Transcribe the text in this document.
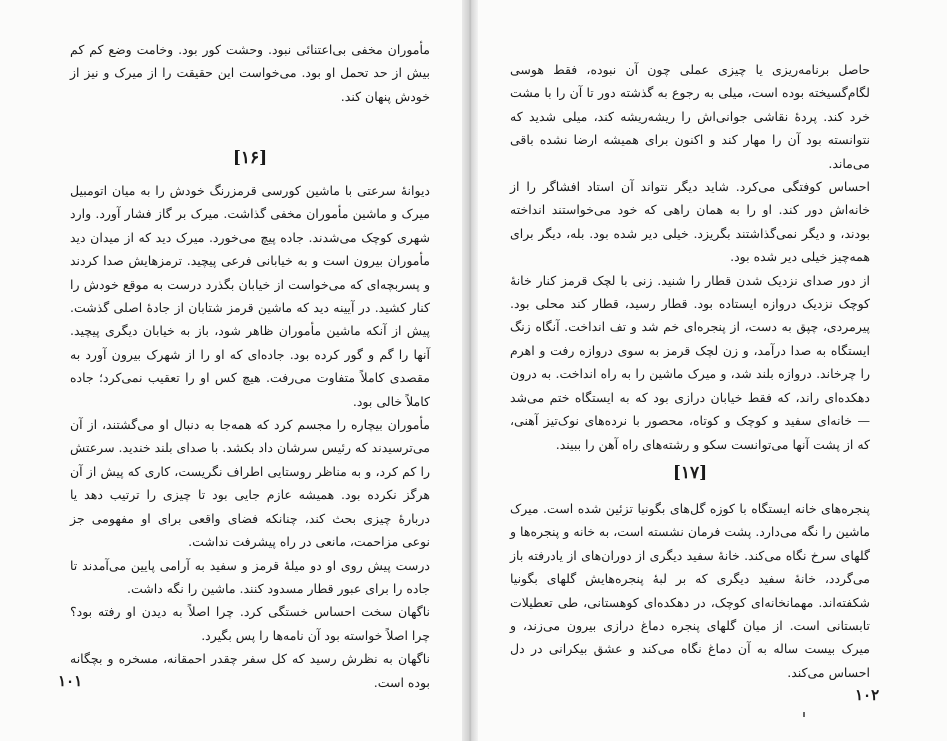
مأموران مخفی بی‌اعتنائی نبود. وحشت کور بود. وخامت وضع کم کم بیش از حد تحمل او بود. می‌خواست این حقیقت را از میرک و نیز از خودش پنهان کند.

[۱۶]

دیوانهٔ سرعتی با ماشین کورسی قرمزرنگ خودش را به میان اتومبیل میرک و ماشین مأموران مخفی گذاشت. میرک بر گاز فشار آورد. وارد شهری کوچک می‌شدند. جاده پیچ می‌خورد. میرک دید که از میدان دید مأموران بیرون است و به خیابانی فرعی پیچید. ترمزهایش صدا کردند و پسربچه‌ای که می‌خواست از خیابان بگذرد درست به موقع خودش را کنار کشید. در آیینه دید که ماشین قرمز شتابان از جادهٔ اصلی گذشت. پیش از آنکه ماشین مأموران ظاهر شود، باز به خیابان دیگری پیچید. آنها را گم و گور کرده بود. جاده‌ای که او را از شهرک بیرون آورد به مقصدی کاملاً متفاوت می‌رفت. هیچ کس او را تعقیب نمی‌کرد؛ جاده کاملاً خالی بود.

مأموران بیچاره را مجسم کرد که همه‌جا به دنبال او می‌گشتند، از آن می‌ترسیدند که رئیس سرشان داد بکشد. با صدای بلند خندید. سرعتش را کم کرد، و به مناظر روستایی اطراف نگریست، کاری که پیش از آن هرگز نکرده بود. همیشه عازم جایی بود تا چیزی را ترتیب دهد یا دربارهٔ چیزی بحث کند، چنانکه فضای واقعی برای او مفهومی جز نوعی مزاحمت، مانعی در راه پیشرفت نداشت.

درست پیش روی او دو میلهٔ قرمز و سفید به آرامی پایین می‌آمدند تا جاده را برای عبور قطار مسدود کنند. ماشین را نگه داشت.

ناگهان سخت احساس خستگی کرد. چرا اصلاً به دیدن او رفته بود؟ چرا اصلاً خواسته بود آن نامه‌ها را پس بگیرد.

ناگهان به نظرش رسید که کل سفر چقدر احمقانه، مسخره و بچگانه بوده است.

۱۰۱

حاصل برنامه‌ریزی یا چیزی عملی چون آن نبوده، فقط هوسی لگام‌گسیخته بوده است، میلی به رجوع به گذشته دور تا آن را با مشت خرد کند. پردهٔ نقاشی جوانی‌اش را ریشه‌ریشه کند، میلی شدید که نتوانسته بود آن را مهار کند و اکنون برای همیشه ارضا نشده باقی می‌ماند.

احساس کوفتگی می‌کرد. شاید دیگر نتواند آن استاد افشاگر را از خانه‌اش دور کند. او را به همان راهی که خود می‌خواستند انداخته بودند، و دیگر نمی‌گذاشتند بگریزد. خیلی دیر شده بود. بله، دیگر برای همه‌چیز خیلی دیر شده بود.

از دور صدای نزدیک شدن قطار را شنید. زنی با لچک قرمز کنار خانهٔ کوچک نزدیک دروازه ایستاده بود. قطار رسید، قطار کند محلی بود. پیرمردی، چپق به دست، از پنجره‌ای خم شد و تف انداخت. آنگاه زنگ ایستگاه به صدا درآمد، و زن لچک قرمز به سوی دروازه رفت و اهرم را چرخاند. دروازه بلند شد، و میرک ماشین را به راه انداخت. به درون دهکده‌ای راند، که فقط خیابان درازی بود که به ایستگاه ختم می‌شد — خانه‌ای سفید و کوچک و کوتاه، محصور با نرده‌های نوک‌تیز آهنی، که از پشت آنها می‌توانست سکو و رشته‌های راه آهن را ببیند.

[۱۷]

پنجره‌های خانه ایستگاه با کوزه گل‌های بگونیا تزئین شده است. میرک ماشین را نگه می‌دارد. پشت فرمان نشسته است، به خانه و پنجره‌ها و گلهای سرخ نگاه می‌کند. خانهٔ سفید دیگری از دوران‌های از یادرفته باز می‌گردد، خانهٔ سفید دیگری که بر لبهٔ پنجره‌هایش گلهای بگونیا شکفته‌اند. مهمانخانه‌ای کوچک، در دهکده‌ای کوهستانی، طی تعطیلات تابستانی است. از میان گلهای پنجره دماغ درازی بیرون می‌زند، و میرک بیست ساله به آن دماغ نگاه می‌کند و عشق بیکرانی در دل احساس می‌کند.

۱۰۲
